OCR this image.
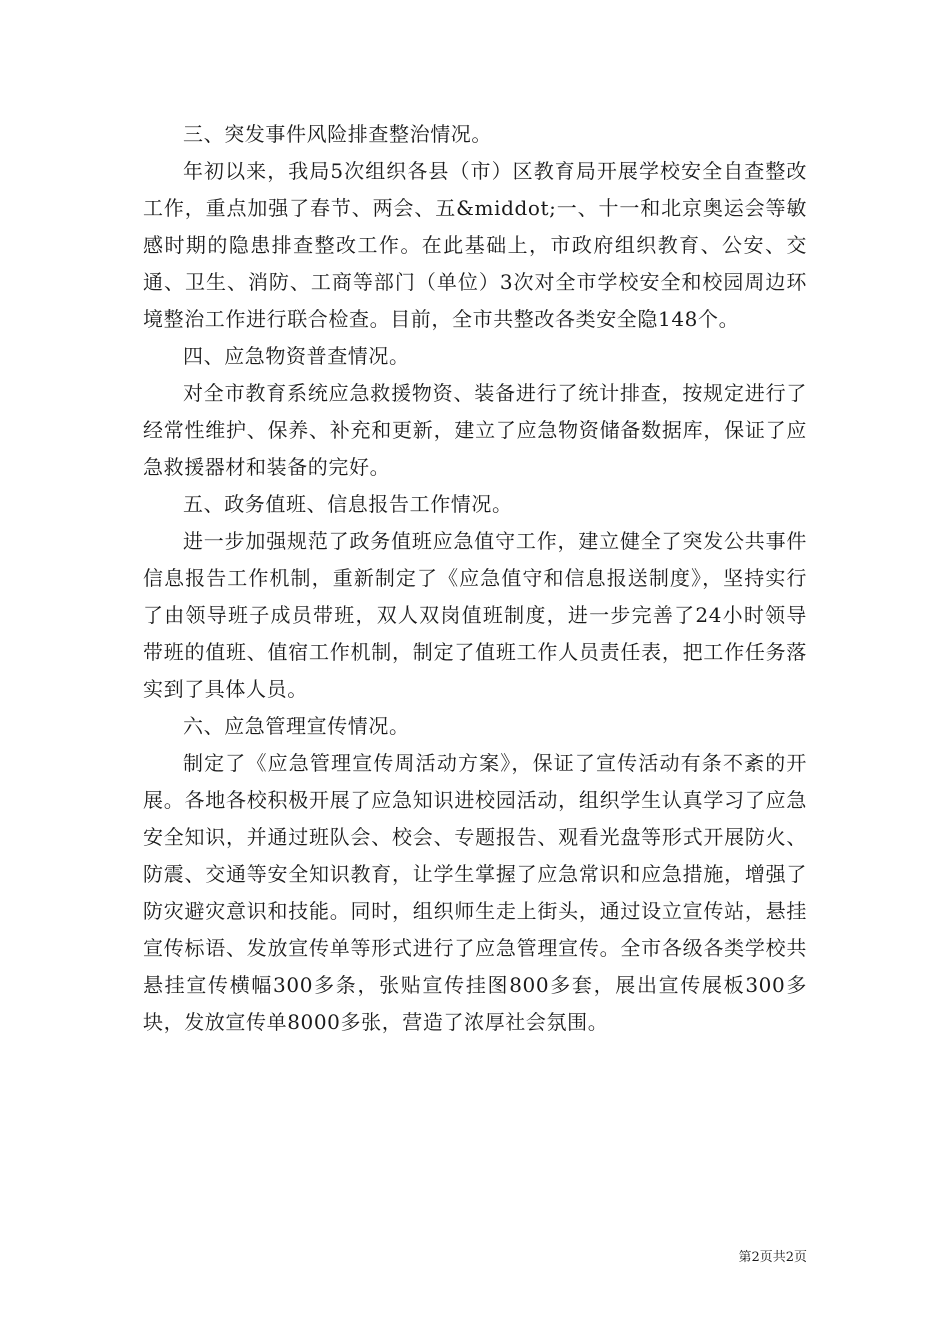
三、突发事件风险排查整治情况。

年初以来，我局5次组织各县（市）区教育局开展学校安全自查整改工作，重点加强了春节、两会、五&middot;一、十一和北京奥运会等敏感时期的隐患排查整改工作。在此基础上，市政府组织教育、公安、交通、卫生、消防、工商等部门（单位）3次对全市学校安全和校园周边环境整治工作进行联合检查。目前，全市共整改各类安全隐148个。

四、应急物资普查情况。

对全市教育系统应急救援物资、装备进行了统计排查，按规定进行了经常性维护、保养、补充和更新，建立了应急物资储备数据库，保证了应急救援器材和装备的完好。

五、政务值班、信息报告工作情况。

进一步加强规范了政务值班应急值守工作，建立健全了突发公共事件信息报告工作机制，重新制定了《应急值守和信息报送制度》，坚持实行了由领导班子成员带班，双人双岗值班制度，进一步完善了24小时领导带班的值班、值宿工作机制，制定了值班工作人员责任表，把工作任务落实到了具体人员。

六、应急管理宣传情况。

制定了《应急管理宣传周活动方案》，保证了宣传活动有条不紊的开展。各地各校积极开展了应急知识进校园活动，组织学生认真学习了应急安全知识，并通过班队会、校会、专题报告、观看光盘等形式开展防火、防震、交通等安全知识教育，让学生掌握了应急常识和应急措施，增强了防灾避灾意识和技能。同时，组织师生走上街头，通过设立宣传站，悬挂宣传标语、发放宣传单等形式进行了应急管理宣传。全市各级各类学校共悬挂宣传横幅300多条，张贴宣传挂图800多套，展出宣传展板300多块，发放宣传单8000多张，营造了浓厚社会氛围。

第2页共2页
